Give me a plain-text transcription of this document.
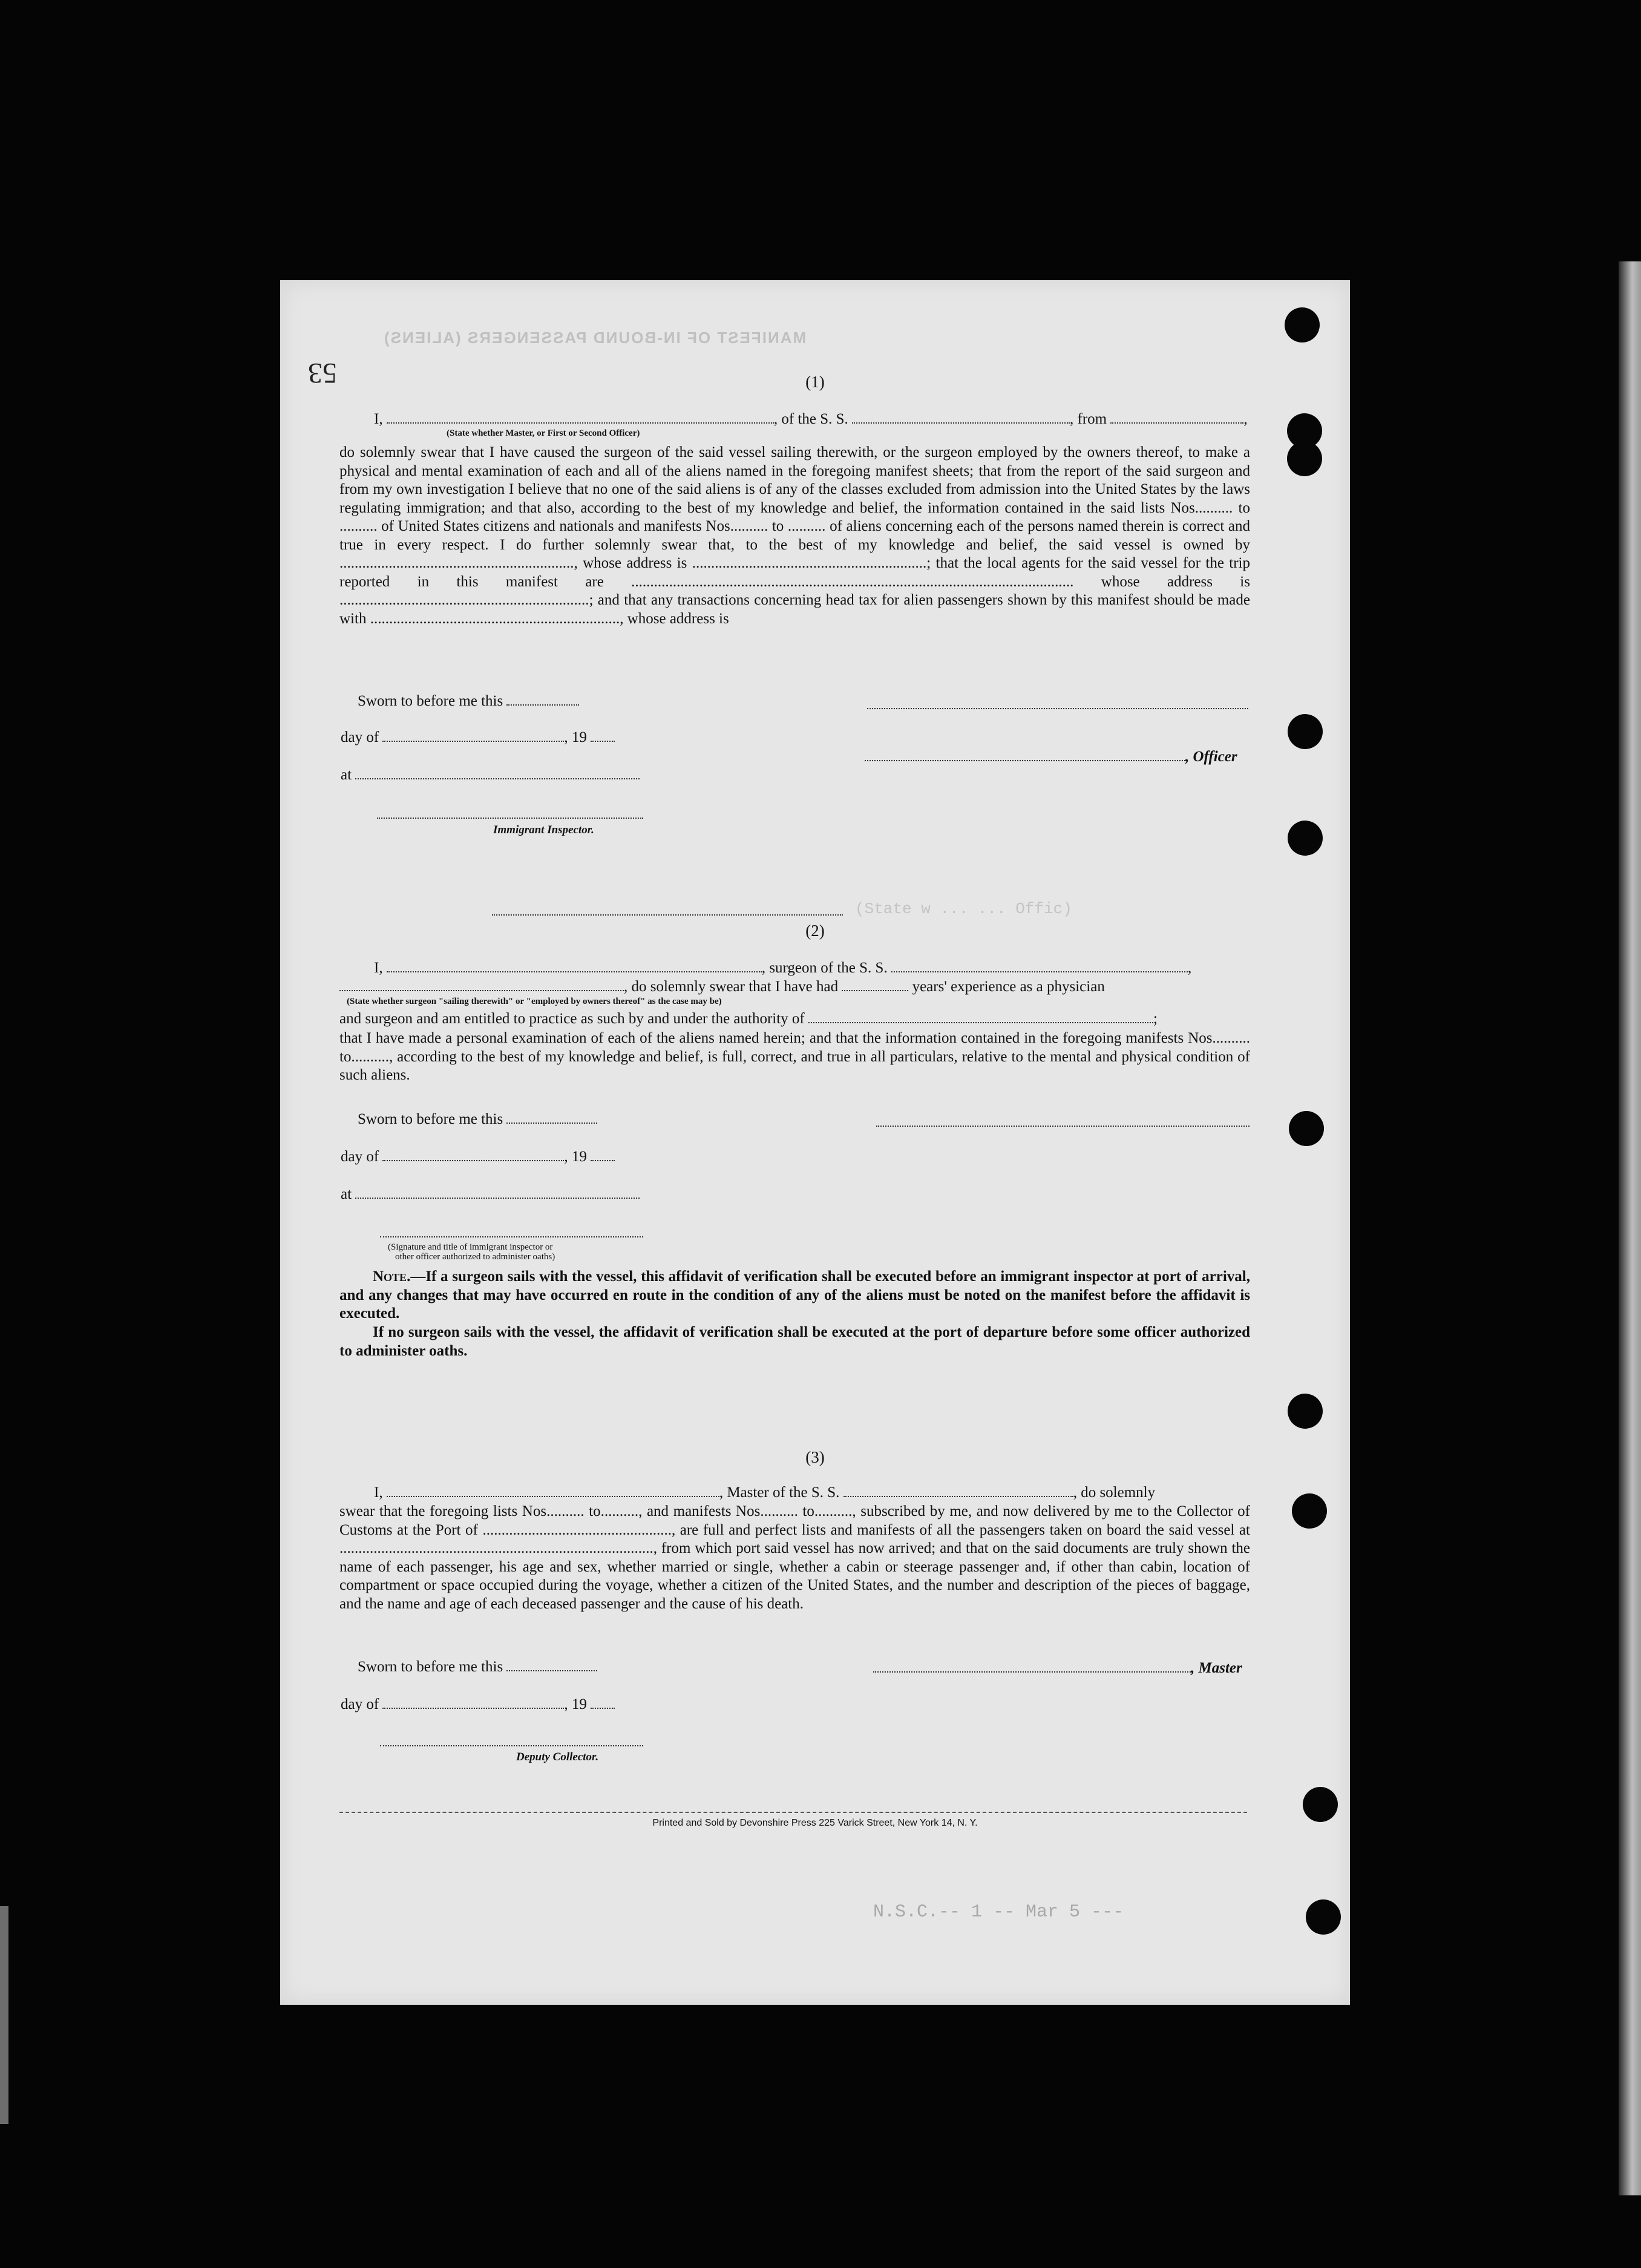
53
MANIFEST OF IN-BOUND PASSENGERS (ALIENS)
(1)
I,	, of the S. S.	, from	,
(State whether Master, or First or Second Officer)
do solemnly swear that I have caused the surgeon of the said vessel sailing therewith, or the surgeon employed by the owners thereof, to make a physical and mental examination of each and all of the aliens named in the foregoing manifest sheets; that from the report of the said surgeon and from my own investigation I believe that no one of the said aliens is of any of the classes excluded from admission into the United States by the laws regulating immigration; and that also, according to the best of my knowledge and belief, the information contained in the said lists Nos.......... to .......... of United States citizens and nationals and manifests Nos.......... to .......... of aliens concerning each of the persons named therein is correct and true in every respect. I do further solemnly swear that, to the best of my knowledge and belief, the said vessel is owned by .............................................................., whose address is ..............................................................; that the local agents for the said vessel for the trip reported in this manifest are ..................................................................................................................... whose address is ..................................................................; and that any transactions concerning head tax for alien passengers shown by this manifest should be made with .................................................................., whose address is
Sworn to before me this
day of	, 19
, Officer
at
Immigrant Inspector.
(State w ... ... Offic)
(2)
I,	, surgeon of the S. S.	,
, do solemnly swear that I have had	years' experience as a physician
(State whether surgeon "sailing therewith" or "employed by owners thereof" as the case may be)
and surgeon and am entitled to practice as such by and under the authority of	;
that I have made a personal examination of each of the aliens named herein; and that the information contained in the foregoing manifests Nos.......... to.........., according to the best of my knowledge and belief, is full, correct, and true in all particulars, relative to the mental and physical condition of such aliens.
Sworn to before me this
day of	, 19
at
(Signature and title of immigrant inspector or
other officer authorized to administer oaths)
Note.—If a surgeon sails with the vessel, this affidavit of verification shall be executed before an immigrant inspector at port of arrival, and any changes that may have occurred en route in the condition of any of the aliens must be noted on the manifest before the affidavit is executed.
If no surgeon sails with the vessel, the affidavit of verification shall be executed at the port of departure before some officer authorized to administer oaths.
(3)
I,	, Master of the S. S.	, do solemnly
swear that the foregoing lists Nos.......... to.........., and manifests Nos.......... to.........., subscribed by me, and now delivered by me to the Collector of Customs at the Port of .................................................., are full and perfect lists and manifests of all the passengers taken on board the said vessel at ..................................................................................., from which port said vessel has now arrived; and that on the said documents are truly shown the name of each passenger, his age and sex, whether married or single, whether a cabin or steerage passenger and, if other than cabin, location of compartment or space occupied during the voyage, whether a citizen of the United States, and the number and description of the pieces of baggage, and the name and age of each deceased passenger and the cause of his death.
Sworn to before me this	, Master
day of	, 19
Deputy Collector.
Printed and Sold by Devonshire Press 225 Varick Street, New York 14, N. Y.
N.S.C.-- 1 -- Mar 5 ---
